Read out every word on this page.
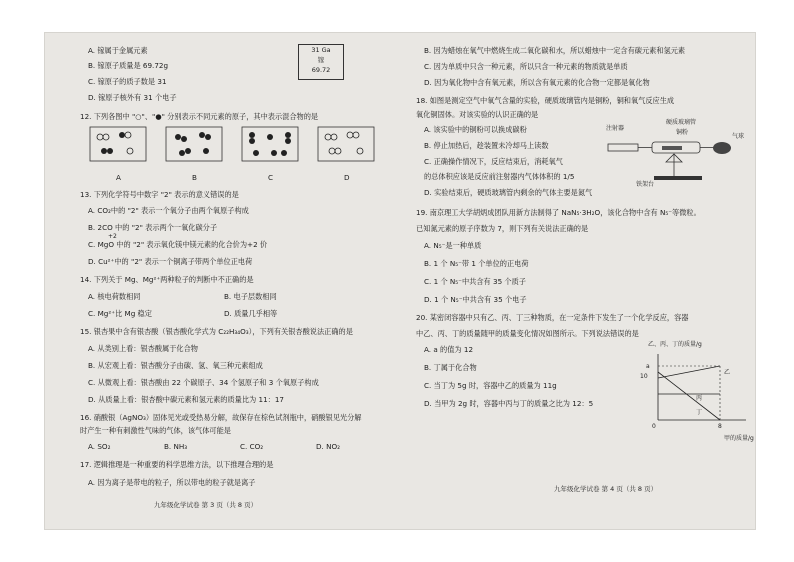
A. 镓属于金属元素
B. 镓原子质量是 69.72g
C. 镓原子的质子数是 31
D. 镓原子核外有 31 个电子
31 Ga
镓
69.72
12. 下列各图中 "○"、"●" 分别表示不同元素的原子，其中表示混合物的是
A	B	C	D
13. 下列化学符号中数字 "2" 表示的意义错误的是
A. CO₂中的 "2" 表示一个氧分子由两个氧原子构成
B. 2CO 中的 "2" 表示两个一氧化碳分子
+2
C. MgO 中的 "2" 表示氧化镁中镁元素的化合价为+2 价
D. Cu²⁺中的 "2" 表示一个铜离子带两个单位正电荷
14. 下列关于 Mg、Mg²⁺两种粒子的判断中不正确的是
A. 核电荷数相同	B. 电子层数相同
C. Mg²⁺比 Mg 稳定	D. 质量几乎相等
15. 银杏果中含有银杏酸（银杏酸化学式为 C₂₂H₃₄O₃），下列有关银杏酸说法正确的是
A. 从类别上看：银杏酸属于化合物
B. 从宏观上看：银杏酸分子由碳、氢、氧三种元素组成
C. 从微观上看：银杏酸由 22 个碳原子、34 个氢原子和 3 个氧原子构成
D. 从质量上看：银杏酸中碳元素和氢元素的质量比为 11：17
16. 硝酸银（AgNO₃）固体见光或受热易分解，故保存在棕色试剂瓶中，硝酸银见光分解
时产生一种有刺激性气味的气体，该气体可能是
A. SO₂	B. NH₃	C. CO₂	D. NO₂
17. 逻辑推理是一种重要的科学思维方法，以下推理合理的是
A. 因为离子是带电的粒子，所以带电的粒子就是离子
九年级化学试卷 第 3 页（共 8 页）
B. 因为蜡烛在氧气中燃烧生成二氧化碳和水，所以蜡烛中一定含有碳元素和氢元素
C. 因为单质中只含一种元素，所以只含一种元素的物质就是单质
D. 因为氧化物中含有氧元素，所以含有氧元素的化合物一定都是氧化物
18. 如图是测定空气中氧气含量的实验，硬质玻璃管内是铜粉，铜和氧气反应生成
氧化铜固体。对该实验的认识正确的是
A. 该实验中的铜粉可以换成碳粉
B. 停止加热后，趁装置未冷却马上读数
C. 正确操作情况下，反应结束后，消耗氧气
的总体积应该是反应前注射器内气体体积的 1/5
D. 实验结束后，硬质玻璃管内剩余的气体主要是氮气
注射器
硬质玻璃管
铜粉
铁架台
气球
19. 南京理工大学胡炳成团队用新方法制得了 NaN₅·3H₂O，该化合物中含有 N₅⁻等微粒。
已知氮元素的原子序数为 7，则下列有关说法正确的是
A. N₅⁻是一种单质
B. 1 个 N₅⁻带 1 个单位的正电荷
C. 1 个 N₅⁻中共含有 35 个质子
D. 1 个 N₅⁻中共含有 35 个电子
20. 某密闭容器中只有乙、丙、丁三种物质，在一定条件下发生了一个化学反应，容器
中乙、丙、丁的质量随甲的质量变化情况如图所示。下列说法错误的是
A. a 的值为 12
B. 丁属于化合物
C. 当丁为 5g 时，容器中乙的质量为 11g
D. 当甲为 2g 时，容器中丙与丁的质量之比为 12：5
乙、丙、丁的质量/g
10
a
0	8
甲的质量/g
乙
丙
丁
九年级化学试卷 第 4 页（共 8 页）
